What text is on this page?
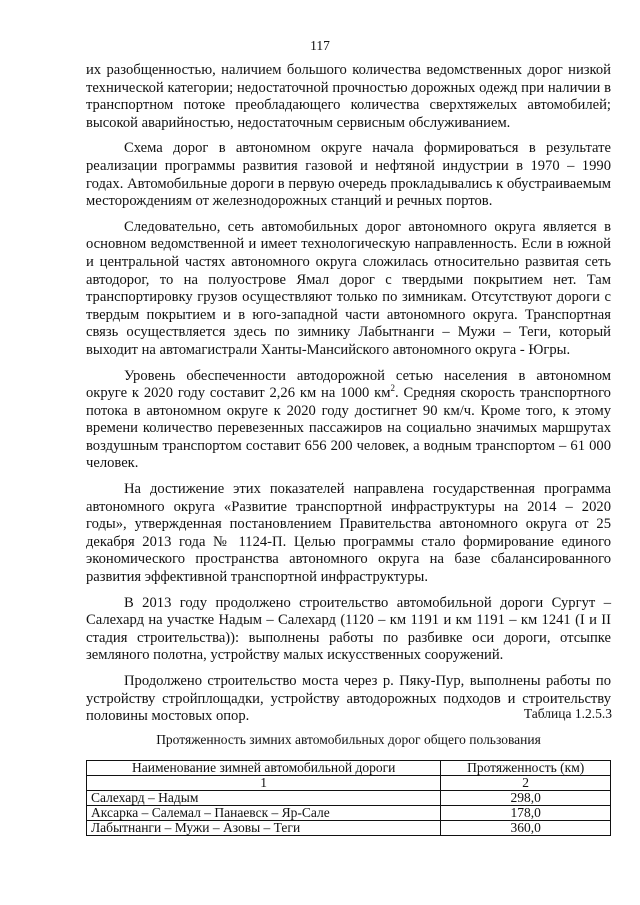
117

их разобщенностью, наличием большого количества ведомственных дорог низкой технической категории; недостаточной прочностью дорожных одежд при наличии в транспортном потоке преобладающего количества сверхтяжелых автомобилей; высокой аварийностью, недостаточным сервисным обслуживанием.

Схема дорог в автономном округе начала формироваться в результате реализации программы развития газовой и нефтяной индустрии в 1970 – 1990 годах. Автомобильные дороги в первую очередь прокладывались к обустраиваемым месторождениям от железнодорожных станций и речных портов.

Следовательно, сеть автомобильных дорог автономного округа является в основном ведомственной и имеет технологическую направленность. Если в южной и центральной частях автономного округа сложилась относительно развитая сеть автодорог, то на полуострове Ямал дорог с твердыми покрытием нет. Там транспортировку грузов осуществляют только по зимникам. Отсутствуют дороги с твердым покрытием и в юго-западной части автономного округа. Транспортная связь осуществляется здесь по зимнику Лабытнанги – Мужи – Теги, который выходит на автомагистрали Ханты-Мансийского автономного округа - Югры.

Уровень обеспеченности автодорожной сетью населения в автономном округе к 2020 году составит 2,26 км на 1000 $км^2$. Средняя скорость транспортного потока в автономном округе к 2020 году достигнет 90 км/ч. Кроме того, к этому времени количество перевезенных пассажиров на социально значимых маршрутах воздушным транспортом составит 656 200 человек, а водным транспортом – 61 000 человек.

На достижение этих показателей направлена государственная программа автономного округа «Развитие транспортной инфраструктуры на 2014 – 2020 годы», утвержденная постановлением Правительства автономного округа от 25 декабря 2013 года № 1124-П. Целью программы стало формирование единого экономического пространства автономного округа на базе сбалансированного развития эффективной транспортной инфраструктуры.

В 2013 году продолжено строительство автомобильной дороги Сургут – Салехард на участке Надым – Салехард (1120 – км 1191 и км 1191 – км 1241 (I и II стадия строительства)): выполнены работы по разбивке оси дороги, отсыпке земляного полотна, устройству малых искусственных сооружений.

Продолжено строительство моста через р. Пяку-Пур, выполнены работы по устройству стройплощадки, устройству автодорожных подходов и строительству половины мостовых опор.	Таблица 1.2.5.3
Протяженность зимних автомобильных дорог общего пользования
Наименование зимней автомобильной дороги	Протяженность (км)
1	2
Салехард – Надым	298,0
Аксарка – Салемал – Панаевск – Яр-Сале	178,0
Лабытнанги – Мужи – Азовы – Теги	360,0
